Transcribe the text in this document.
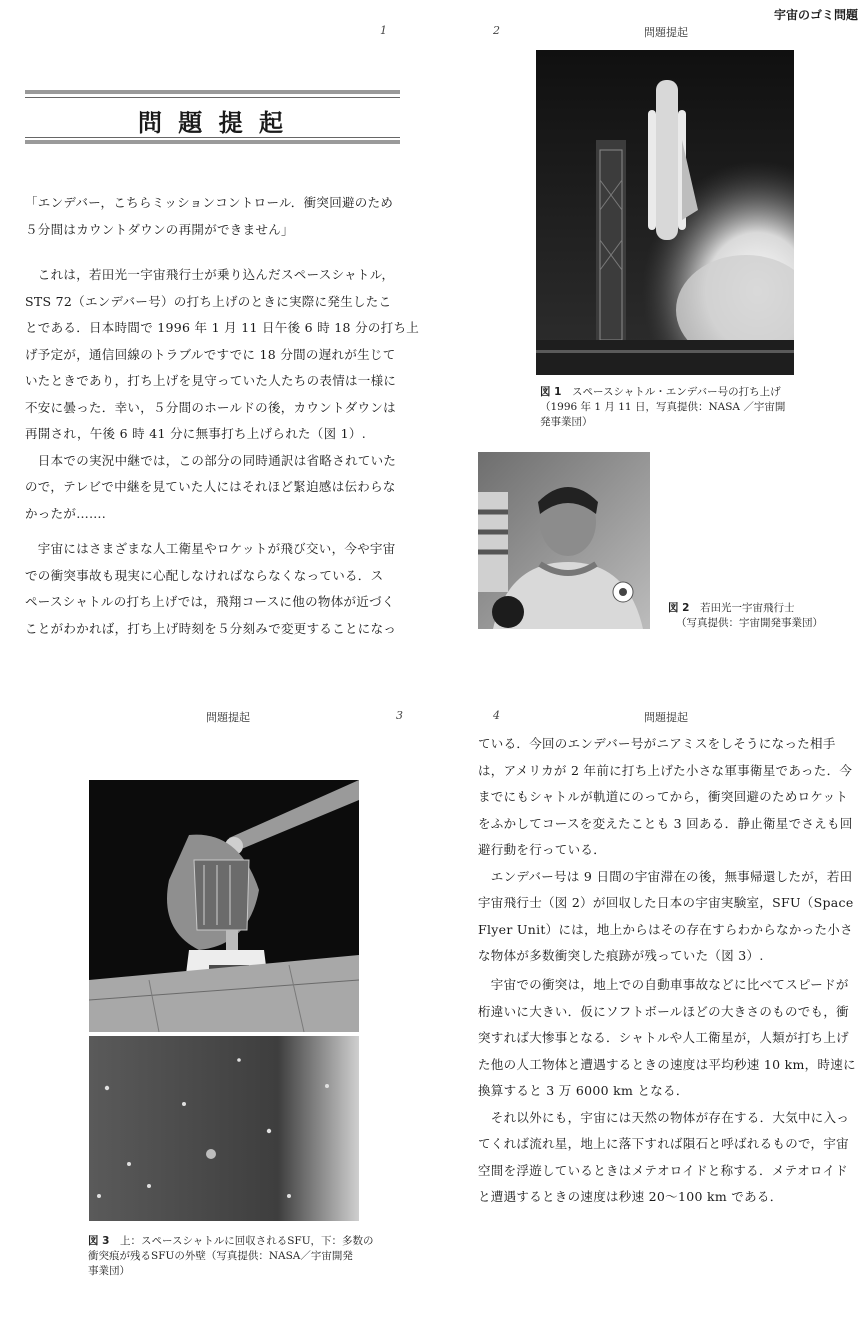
宇宙のゴミ問題
1
問 題 提 起
「エンデバー，こちらミッションコントロール．衝突回避のため
５分間はカウントダウンの再開ができません」
　これは，若田光一宇宙飛行士が乗り込んだスペースシャトル，
STS 72（エンデバー号）の打ち上げのときに実際に発生したこ
とである．日本時間で 1996 年 1 月 11 日午後 6 時 18 分の打ち上
げ予定が，通信回線のトラブルですでに 18 分間の遅れが生じて
いたときであり，打ち上げを見守っていた人たちの表情は一様に
不安に曇った．幸い，５分間のホールドの後，カウントダウンは
再開され，午後 6 時 41 分に無事打ち上げられた（図 1）.
　日本での実況中継では，この部分の同時通訳は省略されていた
ので，テレビで中継を見ていた人にはそれほど緊迫感は伝わらな
かったが…….
　宇宙にはさまざまな人工衛星やロケットが飛び交い，今や宇宙
での衝突事故も現実に心配しなければならなくなっている．ス
ペースシャトルの打ち上げでは，飛翔コースに他の物体が近づく
ことがわかれば，打ち上げ時刻を５分刻みで変更することになっ
2	問題提起
図 1　 スペースシャトル・エンデバー号の打ち上げ
（1996 年 1 月 11 日，写真提供：NASA ／宇宙開
発事業団）
図 2　 若田光一宇宙飛行士
（写真提供：宇宙開発事業団）
問題提起	3
図 3　 上：スペースシャトルに回収されるSFU，下：多数の
衝突痕が残るSFUの外壁（写真提供：NASA／宇宙開発
事業団）
4	問題提起
ている．今回のエンデバー号がニアミスをしそうになった相手
は，アメリカが 2 年前に打ち上げた小さな軍事衛星であった．今
までにもシャトルが軌道にのってから，衝突回避のためロケット
をふかしてコースを変えたことも 3 回ある．静止衛星でさえも回
避行動を行っている．
　エンデバー号は 9 日間の宇宙滞在の後，無事帰還したが，若田
宇宙飛行士（図 2）が回収した日本の宇宙実験室，SFU（Space
Flyer Unit）には，地上からはその存在すらわからなかった小さ
な物体が多数衝突した痕跡が残っていた（図 3）.
　宇宙での衝突は，地上での自動車事故などに比べてスピードが
桁違いに大きい．仮にソフトボールほどの大きさのものでも，衝
突すれば大惨事となる．シャトルや人工衛星が，人類が打ち上げ
た他の人工物体と遭遇するときの速度は平均秒速 10 km，時速に
換算すると 3 万 6000 km となる．
　それ以外にも，宇宙には天然の物体が存在する．大気中に入っ
てくれば流れ星，地上に落下すれば隕石と呼ばれるもので，宇宙
空間を浮遊しているときはメテオロイドと称する．メテオロイド
と遭遇するときの速度は秒速 20〜100 km である．
